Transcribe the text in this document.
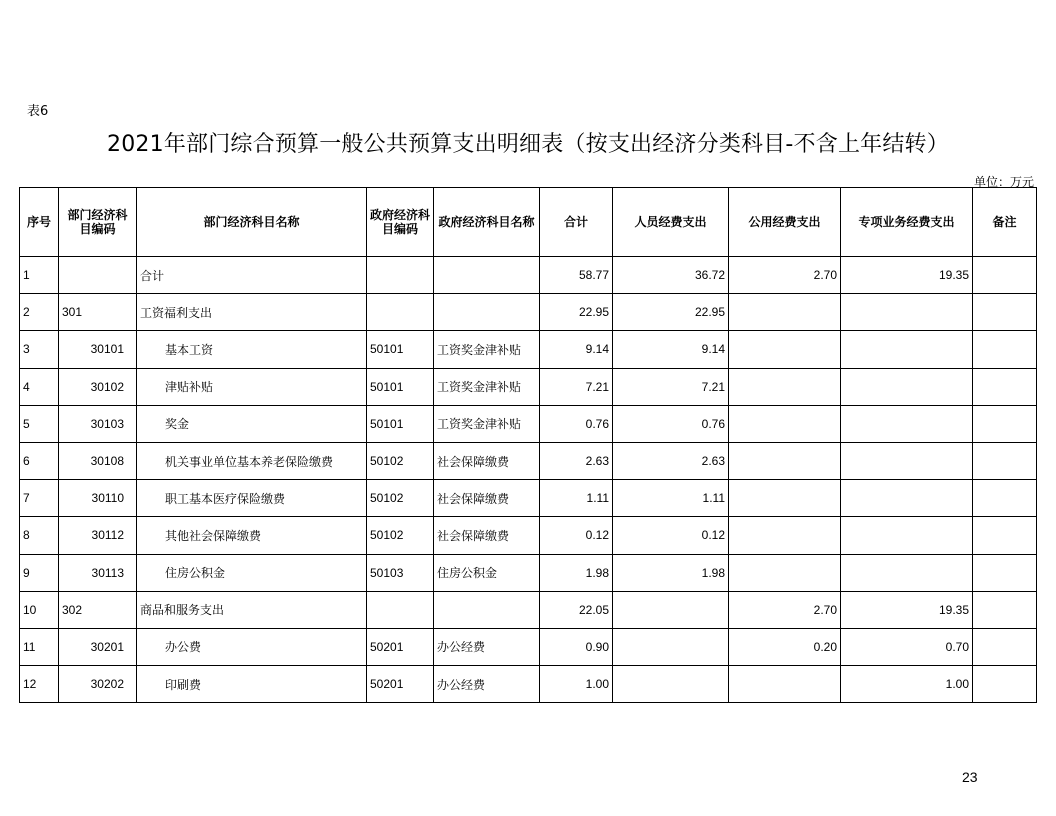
表6
2021年部门综合预算一般公共预算支出明细表（按支出经济分类科目-不含上年结转）
单位：万元
序号	部门经济科目编码	部门经济科目名称	政府经济科目编码	政府经济科目名称	合计	人员经费支出	公用经费支出	专项业务经费支出	备注
1		合计			58.77	36.72	2.70	19.35	
2	301	工资福利支出			22.95	22.95			
3	30101	基本工资	50101	工资奖金津补贴	9.14	9.14			
4	30102	津贴补贴	50101	工资奖金津补贴	7.21	7.21			
5	30103	奖金	50101	工资奖金津补贴	0.76	0.76			
6	30108	机关事业单位基本养老保险缴费	50102	社会保障缴费	2.63	2.63			
7	30110	职工基本医疗保险缴费	50102	社会保障缴费	1.11	1.11			
8	30112	其他社会保障缴费	50102	社会保障缴费	0.12	0.12			
9	30113	住房公积金	50103	住房公积金	1.98	1.98			
10	302	商品和服务支出			22.05		2.70	19.35	
11	30201	办公费	50201	办公经费	0.90		0.20	0.70	
12	30202	印刷费	50201	办公经费	1.00			1.00	
23
